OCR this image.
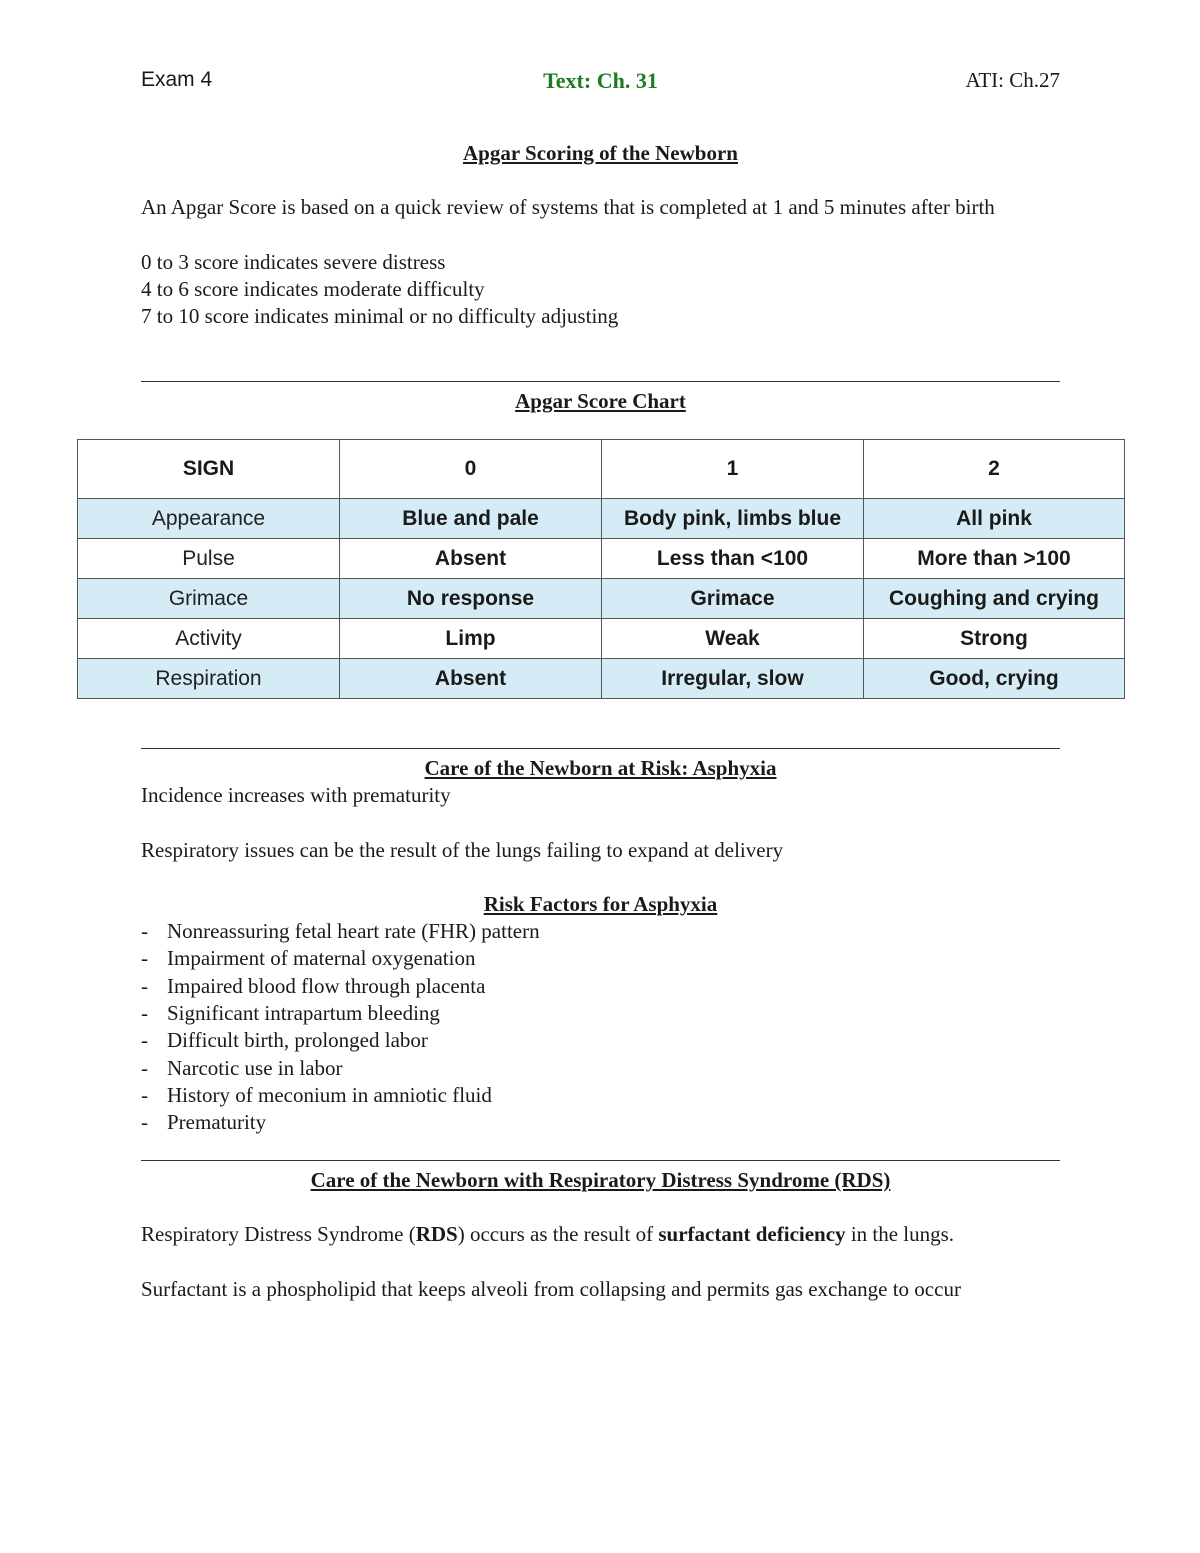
Exam 4	Text: Ch. 31	ATI: Ch.27

Apgar Scoring of the Newborn

An Apgar Score is based on a quick review of systems that is completed at 1 and 5 minutes after birth

0 to 3 score indicates severe distress

4 to 6 score indicates moderate difficulty

7 to 10 score indicates minimal or no difficulty adjusting

Apgar Score Chart

SIGN	0	1	2
Appearance	Blue and pale	Body pink, limbs blue	All pink
Pulse	Absent	Less than <100	More than >100
Grimace	No response	Grimace	Coughing and crying
Activity	Limp	Weak	Strong
Respiration	Absent	Irregular, slow	Good, crying

Care of the Newborn at Risk: Asphyxia

Incidence increases with prematurity

Respiratory issues can be the result of the lungs failing to expand at delivery

Risk Factors for Asphyxia

- Nonreassuring fetal heart rate (FHR) pattern
- Impairment of maternal oxygenation
- Impaired blood flow through placenta
- Significant intrapartum bleeding
- Difficult birth, prolonged labor
- Narcotic use in labor
- History of meconium in amniotic fluid
- Prematurity

Care of the Newborn with Respiratory Distress Syndrome (RDS)

Respiratory Distress Syndrome (RDS) occurs as the result of surfactant deficiency in the lungs.

Surfactant is a phospholipid that keeps alveoli from collapsing and permits gas exchange to occur
